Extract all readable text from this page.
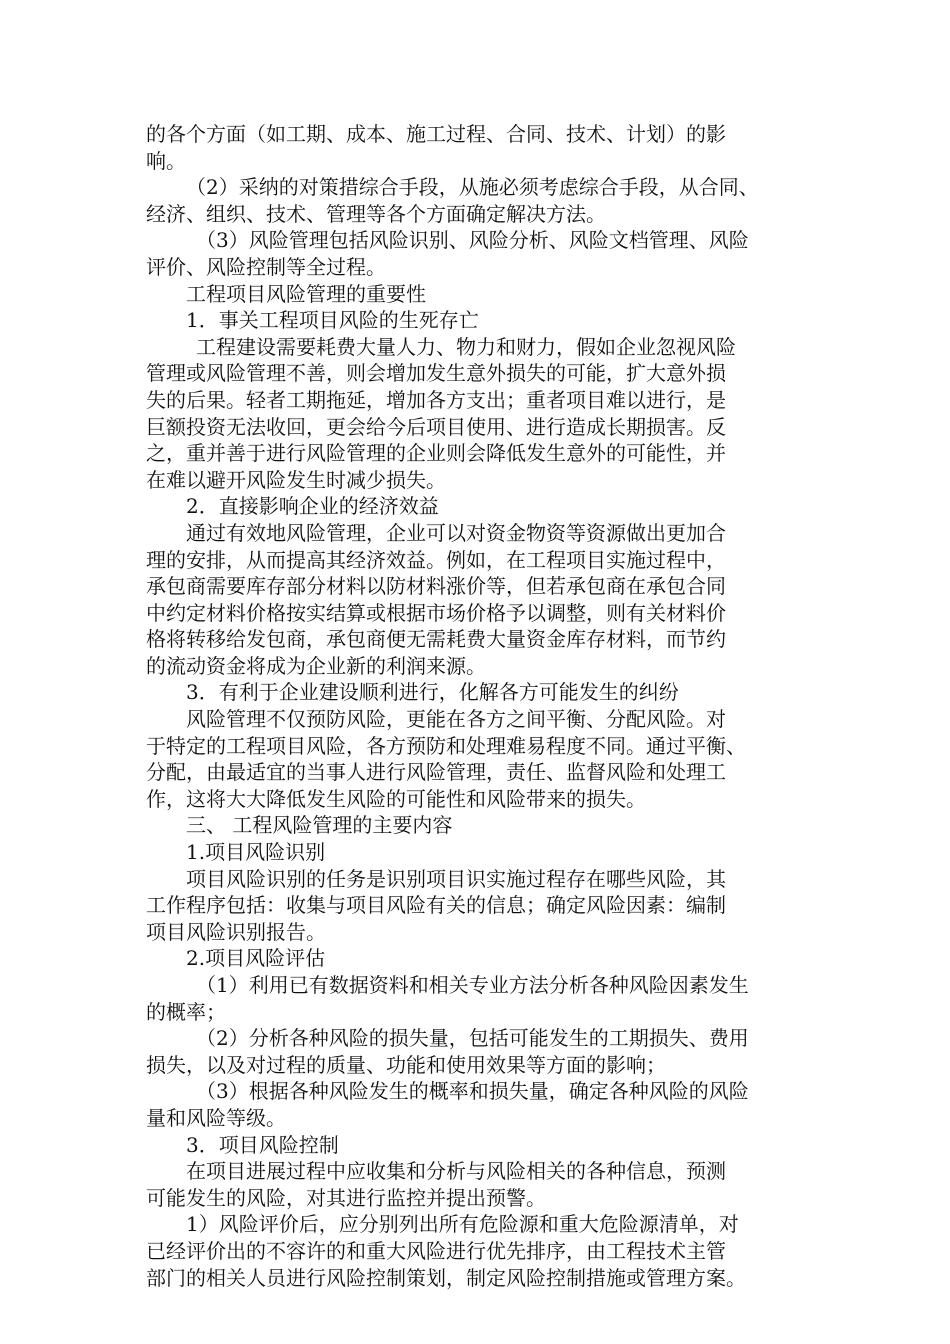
的各个方面（如工期、成本、施工过程、合同、技术、计划）的影

响。

（2）采纳的对策措综合手段，从施必须考虑综合手段，从合同、

经济、组织、技术、管理等各个方面确定解决方法。

（3）风险管理包括风险识别、风险分析、风险文档管理、风险

评价、风险控制等全过程。

工程项目风险管理的重要性

1．事关工程项目风险的生死存亡

工程建设需要耗费大量人力、物力和财力，假如企业忽视风险

管理或风险管理不善，则会增加发生意外损失的可能，扩大意外损

失的后果。轻者工期拖延，增加各方支出；重者项目难以进行，是

巨额投资无法收回，更会给今后项目使用、进行造成长期损害。反

之，重并善于进行风险管理的企业则会降低发生意外的可能性，并

在难以避开风险发生时减少损失。

2．直接影响企业的经济效益

通过有效地风险管理，企业可以对资金物资等资源做出更加合

理的安排，从而提高其经济效益。例如，在工程项目实施过程中，

承包商需要库存部分材料以防材料涨价等，但若承包商在承包合同

中约定材料价格按实结算或根据市场价格予以调整，则有关材料价

格将转移给发包商，承包商便无需耗费大量资金库存材料，而节约

的流动资金将成为企业新的利润来源。

3．有利于企业建设顺利进行，化解各方可能发生的纠纷

风险管理不仅预防风险，更能在各方之间平衡、分配风险。对

于特定的工程项目风险，各方预防和处理难易程度不同。通过平衡、

分配，由最适宜的当事人进行风险管理，责任、监督风险和处理工

作，这将大大降低发生风险的可能性和风险带来的损失。

三、 工程风险管理的主要内容

1.项目风险识别

项目风险识别的任务是识别项目识实施过程存在哪些风险，其

工作程序包括：收集与项目风险有关的信息；确定风险因素：编制

项目风险识别报告。

2.项目风险评估

（1）利用已有数据资料和相关专业方法分析各种风险因素发生

的概率；

（2）分析各种风险的损失量，包括可能发生的工期损失、费用

损失，以及对过程的质量、功能和使用效果等方面的影响；

（3）根据各种风险发生的概率和损失量，确定各种风险的风险

量和风险等级。

3．项目风险控制

在项目进展过程中应收集和分析与风险相关的各种信息，预测

可能发生的风险，对其进行监控并提出预警。

1）风险评价后，应分别列出所有危险源和重大危险源清单，对

已经评价出的不容许的和重大风险进行优先排序，由工程技术主管

部门的相关人员进行风险控制策划，制定风险控制措施或管理方案。
